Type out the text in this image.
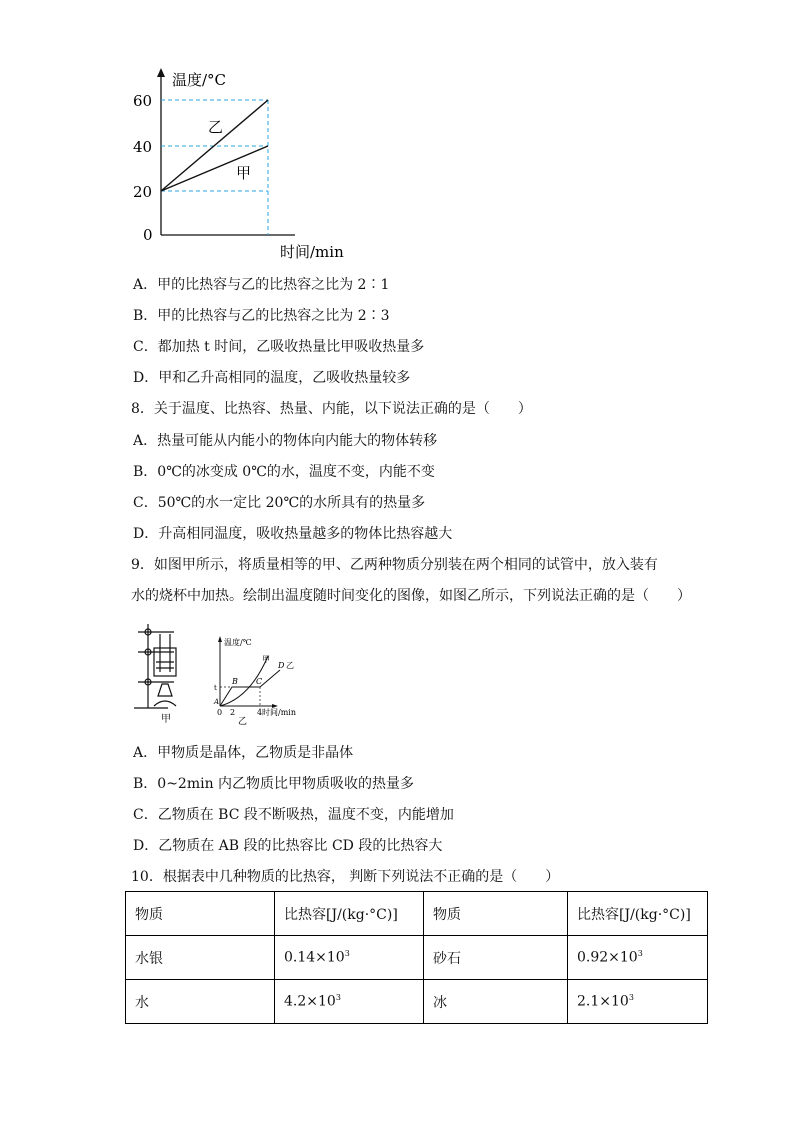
温度/°C
时间/min
60
40
20
0
乙
甲
A．甲的比热容与乙的比热容之比为 2∶1
B．甲的比热容与乙的比热容之比为 2∶3
C．都加热 t 时间，乙吸收热量比甲吸收热量多
D．甲和乙升高相同的温度，乙吸收热量较多
8．关于温度、比热容、热量、内能，以下说法正确的是（　　）
A．热量可能从内能小的物体向内能大的物体转移
B．0℃的冰变成 0℃的水，温度不变，内能不变
C．50℃的水一定比 20℃的水所具有的热量多
D．升高相同温度，吸收热量越多的物体比热容越大
9．如图甲所示，将质量相等的甲、乙两种物质分别装在两个相同的试管中，放入装有
水的烧杯中加热。绘制出温度随时间变化的图像，如图乙所示，下列说法正确的是（　　）
甲
温度/℃
时间/min
t
0 2	4
A
B C
D
甲
乙
乙
A．甲物质是晶体，乙物质是非晶体
B．0~2min 内乙物质比甲物质吸收的热量多
C．乙物质在 BC 段不断吸热，温度不变，内能增加
D．乙物质在 AB 段的比热容比 CD 段的比热容大
10．根据表中几种物质的比热容， 判断下列说法不正确的是（　　）
物质	比热容[J/(kg·°C)]	物质	比热容[J/(kg·°C)]
水银	$0.14\times 10^3$	砂石	$0.92\times 10^3$
水	$4.2\times 10^3$	冰	$2.1\times 10^3$
